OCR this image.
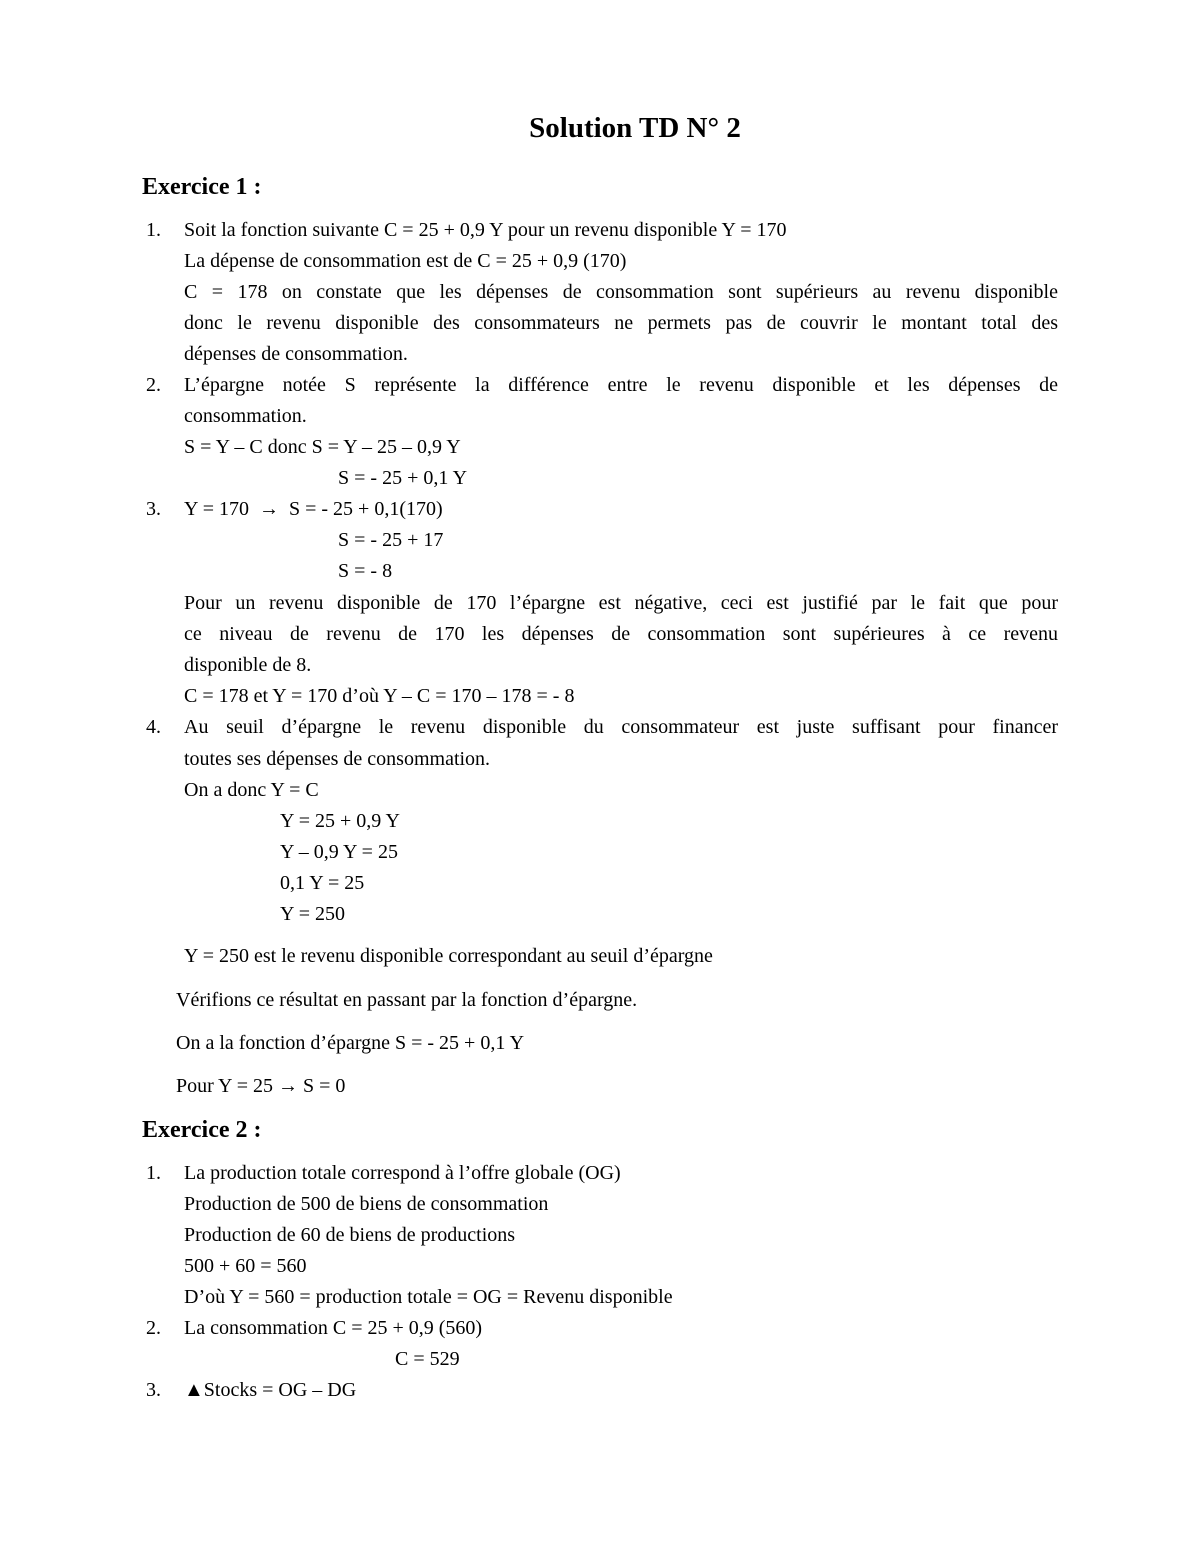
Solution TD N° 2
Exercice 1 :
1. Soit la fonction suivante C = 25 + 0,9 Y pour un revenu disponible Y = 170
La dépense de consommation est de C = 25 + 0,9 (170)
C = 178 on constate que les dépenses de consommation sont supérieurs au revenu disponible
donc le revenu disponible des consommateurs ne permets pas de couvrir le montant total des
dépenses de consommation.
2. L’épargne notée S représente la différence entre le revenu disponible et les dépenses de
consommation.
S = Y – C donc S = Y – 25 – 0,9 Y
S = - 25 + 0,1 Y
3. Y = 170  →  S = - 25 + 0,1(170)
S = - 25 + 17
S = - 8
Pour un revenu disponible de 170 l’épargne est négative, ceci est justifié par le fait que pour
ce niveau de revenu de 170 les dépenses de consommation sont supérieures à ce revenu
disponible de 8.
C = 178 et Y = 170 d’où Y – C = 170 – 178 = - 8
4. Au seuil d’épargne le revenu disponible du consommateur est juste suffisant pour financer
toutes ses dépenses de consommation.
On a donc Y = C
Y = 25 + 0,9 Y
Y – 0,9 Y = 25
0,1 Y = 25
Y = 250
Y = 250 est le revenu disponible correspondant au seuil d’épargne
Vérifions ce résultat en passant par la fonction d’épargne.
On a la fonction d’épargne S = - 25 + 0,1 Y
Pour Y = 25 → S = 0
Exercice 2 :
1. La production totale correspond à l’offre globale (OG)
Production de 500 de biens de consommation
Production de 60 de biens de productions
500 + 60 = 560
D’où Y = 560 = production totale = OG = Revenu disponible
2. La consommation C = 25 + 0,9 (560)
C = 529
3. ▲Stocks = OG – DG
